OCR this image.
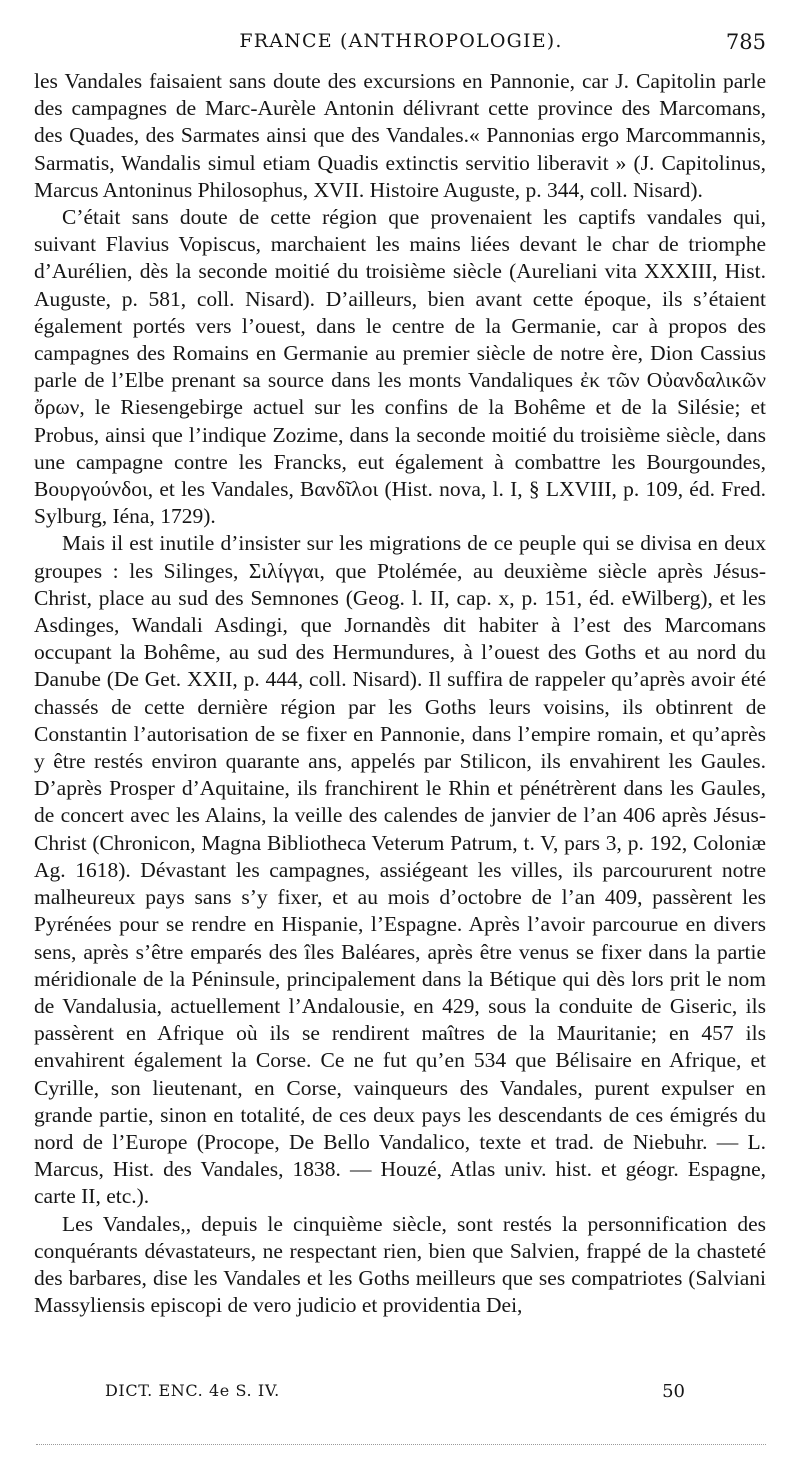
FRANCE (ANTHROPOLOGIE).	785

les Vandales faisaient sans doute des excursions en Pannonie, car J. Capitolin parle des campagnes de Marc-Aurèle Antonin délivrant cette province des Marcomans, des Quades, des Sarmates ainsi que des Vandales.« Pannonias ergo Marcommannis, Sarmatis, Wandalis simul etiam Quadis extinctis servitio liberavit » (J. Capitolinus, Marcus Antoninus Philosophus, XVII. Histoire Auguste, p. 344, coll. Nisard).

C’était sans doute de cette région que provenaient les captifs vandales qui, suivant Flavius Vopiscus, marchaient les mains liées devant le char de triomphe d’Aurélien, dès la seconde moitié du troisième siècle (Aureliani vita XXXIII, Hist. Auguste, p. 581, coll. Nisard). D’ailleurs, bien avant cette époque, ils s’étaient également portés vers l’ouest, dans le centre de la Germanie, car à propos des campagnes des Romains en Germanie au premier siècle de notre ère, Dion Cassius parle de l’Elbe prenant sa source dans les monts Vandaliques ἐκ τῶν Οὐανδαλικῶν ὄρων, le Riesengebirge actuel sur les confins de la Bohême et de la Silésie; et Probus, ainsi que l’indique Zozime, dans la seconde moitié du troisième siècle, dans une campagne contre les Francks, eut également à combattre les Bourgoundes, Βουργούνδοι, et les Vandales, Βανδῖλοι (Hist. nova, l. I, § LXVIII, p. 109, éd. Fred. Sylburg, Iéna, 1729).

Mais il est inutile d’insister sur les migrations de ce peuple qui se divisa en deux groupes : les Silinges, Σιλίγγαι, que Ptolémée, au deuxième siècle après Jésus-Christ, place au sud des Semnones (Geog. l. II, cap. x, p. 151, éd. eWilberg), et les Asdinges, Wandali Asdingi, que Jornandès dit habiter à l’est des Marcomans occupant la Bohême, au sud des Hermundures, à l’ouest des Goths et au nord du Danube (De Get. XXII, p. 444, coll. Nisard). Il suffira de rappeler qu’après avoir été chassés de cette dernière région par les Goths leurs voisins, ils obtinrent de Constantin l’autorisation de se fixer en Pannonie, dans l’empire romain, et qu’après y être restés environ quarante ans, appelés par Stilicon, ils envahirent les Gaules. D’après Prosper d’Aquitaine, ils franchirent le Rhin et pénétrèrent dans les Gaules, de concert avec les Alains, la veille des calendes de janvier de l’an 406 après Jésus-Christ (Chronicon, Magna Bibliotheca Veterum Patrum, t. V, pars 3, p. 192, Coloniæ Ag. 1618). Dévastant les campagnes, assiégeant les villes, ils parcoururent notre malheureux pays sans s’y fixer, et au mois d’octobre de l’an 409, passèrent les Pyrénées pour se rendre en Hispanie, l’Espagne. Après l’avoir parcourue en divers sens, après s’être emparés des îles Baléares, après être venus se fixer dans la partie méridionale de la Péninsule, principalement dans la Bétique qui dès lors prit le nom de Vandalusia, actuellement l’Andalousie, en 429, sous la conduite de Giseric, ils passèrent en Afrique où ils se rendirent maîtres de la Mauritanie; en 457 ils envahirent également la Corse. Ce ne fut qu’en 534 que Bélisaire en Afrique, et Cyrille, son lieutenant, en Corse, vainqueurs des Vandales, purent expulser en grande partie, sinon en totalité, de ces deux pays les descendants de ces émigrés du nord de l’Europe (Procope, De Bello Vandalico, texte et trad. de Niebuhr. — L. Marcus, Hist. des Vandales, 1838. — Houzé, Atlas univ. hist. et géogr. Espagne, carte II, etc.).

Les Vandales,, depuis le cinquième siècle, sont restés la personnification des conquérants dévastateurs, ne respectant rien, bien que Salvien, frappé de la chasteté des barbares, dise les Vandales et les Goths meilleurs que ses compatriotes (Salviani Massyliensis episcopi de vero judicio et providentia Dei,

DICT. ENC. 4e S. IV.	50
